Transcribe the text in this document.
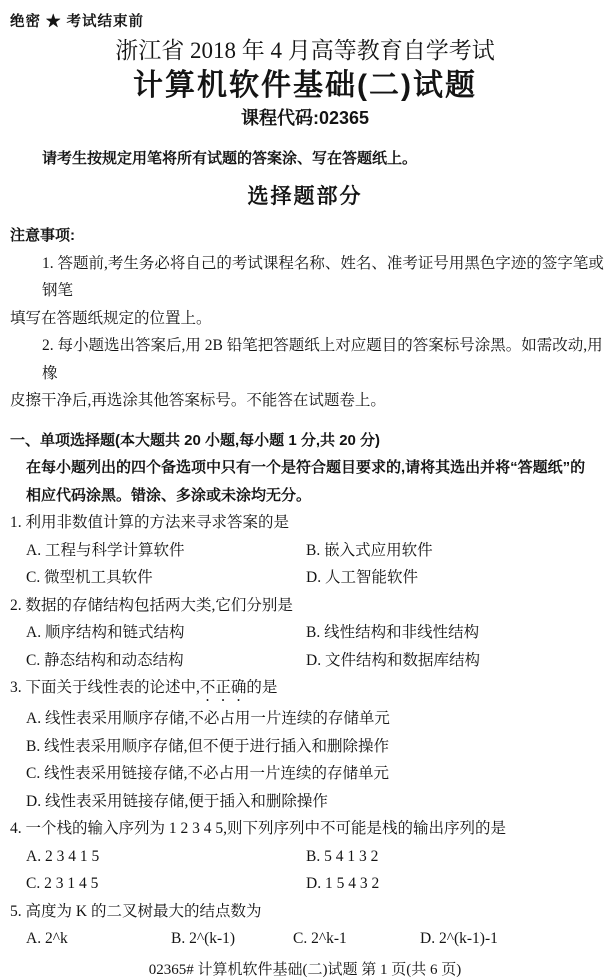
绝密 ★ 考试结束前
浙江省 2018 年 4 月高等教育自学考试
计算机软件基础(二)试题
课程代码:02365
请考生按规定用笔将所有试题的答案涂、写在答题纸上。
选择题部分
注意事项:
1. 答题前,考生务必将自己的考试课程名称、姓名、准考证号用黑色字迹的签字笔或钢笔
填写在答题纸规定的位置上。
2. 每小题选出答案后,用 2B 铅笔把答题纸上对应题目的答案标号涂黑。如需改动,用橡
皮擦干净后,再选涂其他答案标号。不能答在试题卷上。
一、单项选择题(本大题共 20 小题,每小题 1 分,共 20 分)
在每小题列出的四个备选项中只有一个是符合题目要求的,请将其选出并将“答题纸”的
相应代码涂黑。错涂、多涂或未涂均无分。
1. 利用非数值计算的方法来寻求答案的是
A. 工程与科学计算软件	B. 嵌入式应用软件
C. 微型机工具软件	D. 人工智能软件
2. 数据的存储结构包括两大类,它们分别是
A. 顺序结构和链式结构	B. 线性结构和非线性结构
C. 静态结构和动态结构	D. 文件结构和数据库结构
3. 下面关于线性表的论述中,不正确的是
A. 线性表采用顺序存储,不必占用一片连续的存储单元
B. 线性表采用顺序存储,但不便于进行插入和删除操作
C. 线性表采用链接存储,不必占用一片连续的存储单元
D. 线性表采用链接存储,便于插入和删除操作
4. 一个栈的输入序列为 1 2 3 4 5,则下列序列中不可能是栈的输出序列的是
A. 2 3 4 1 5	B. 5 4 1 3 2
C. 2 3 1 4 5	D. 1 5 4 3 2
5. 高度为 K 的二叉树最大的结点数为
A. 2^k	B. 2^(k-1)	C. 2^k-1	D. 2^(k-1)-1
02365# 计算机软件基础(二)试题 第 1 页(共 6 页)
